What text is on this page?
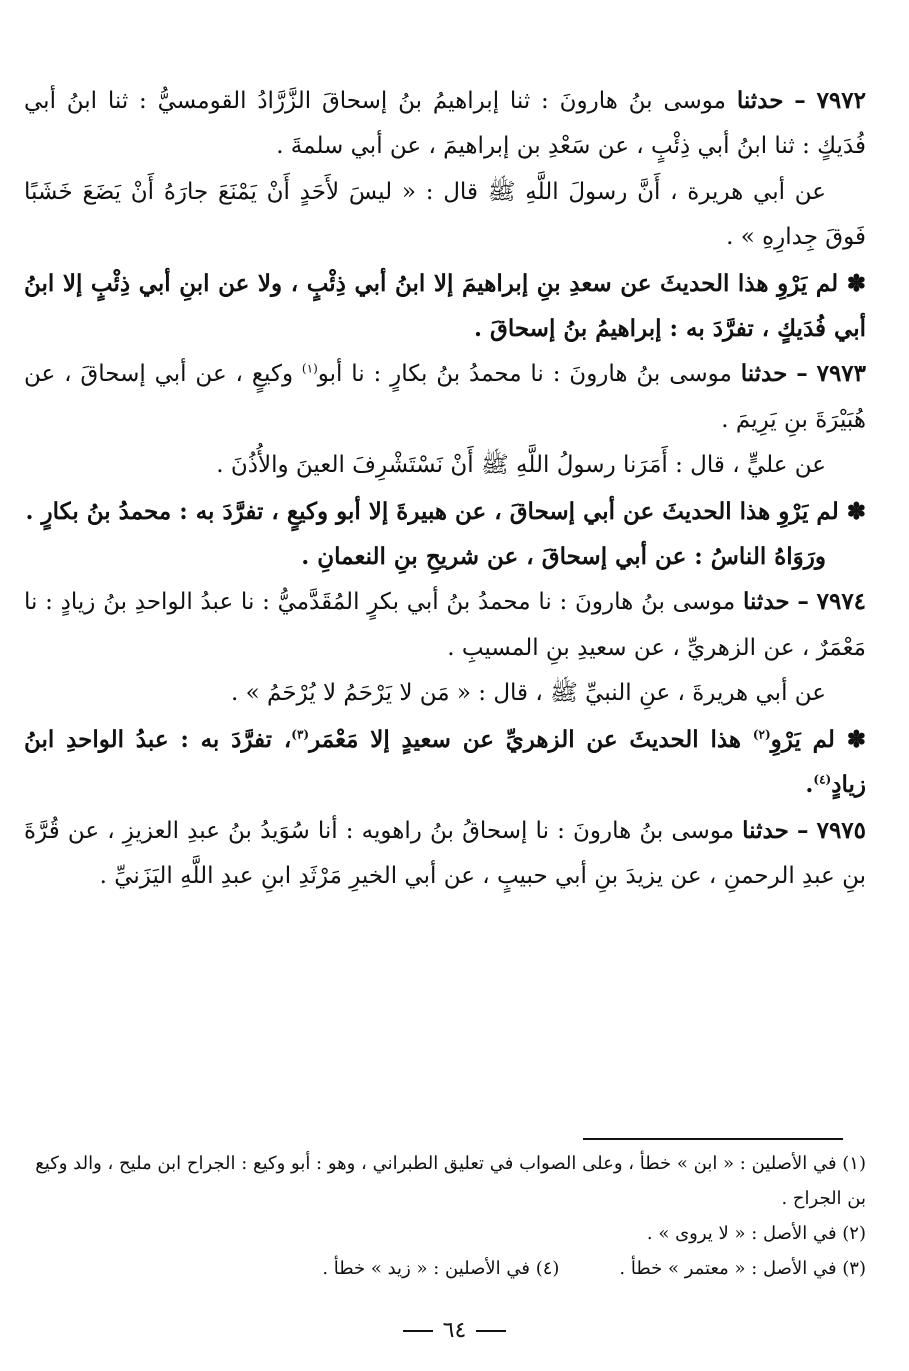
٧٩٧٢ – حدثنا موسى بنُ هارونَ : ثنا إبراهيمُ بنُ إسحاقَ الزَّرَّادُ القومسيُّ : ثنا ابنُ أبي فُدَيكٍ : ثنا ابنُ أبي ذِئْبٍ ، عن سَعْدِ بن إبراهيمَ ، عن أبي سلمةَ .

عن أبي هريرة ، أَنَّ رسولَ اللَّهِ ﷺ قال : « ليسَ لأَحَدٍ أَنْ يَمْنَعَ جارَهُ أَنْ يَضَعَ خَشَبًا فَوقَ جِدارِهِ » .

✽ لم يَرْوِ هذا الحديثَ عن سعدِ بنِ إبراهيمَ إلا ابنُ أبي ذِئْبٍ ، ولا عن ابنِ أبي ذِئْبٍ إلا ابنُ أبي فُدَيكٍ ، تفرَّدَ به : إبراهيمُ بنُ إسحاقَ .

٧٩٧٣ – حدثنا موسى بنُ هارونَ : نا محمدُ بنُ بكارٍ : نا أبو$^{(١)}$ وكيعٍ ، عن أبي إسحاقَ ، عن هُبَيْرَةَ بنِ يَرِيمَ .

عن عليٍّ ، قال : أَمَرَنا رسولُ اللَّهِ ﷺ أَنْ نَسْتَشْرِفَ العينَ والأُذُنَ .

✽ لم يَرْوِ هذا الحديثَ عن أبي إسحاقَ ، عن هبيرةَ إلا أبو وكيعٍ ، تفرَّدَ به : محمدُ بنُ بكارٍ .

ورَوَاهُ الناسُ : عن أبي إسحاقَ ، عن شريحِ بنِ النعمانِ .

٧٩٧٤ – حدثنا موسى بنُ هارونَ : نا محمدُ بنُ أبي بكرٍ المُقَدَّميُّ : نا عبدُ الواحدِ بنُ زيادٍ : نا مَعْمَرٌ ، عن الزهريِّ ، عن سعيدِ بنِ المسيبِ .

عن أبي هريرةَ ، عنِ النبيِّ ﷺ ، قال : « مَن لا يَرْحَمُ لا يُرْحَمُ » .

✽ لم يَرْوِ$^{(٢)}$ هذا الحديثَ عن الزهريِّ عن سعيدٍ إلا مَعْمَر$^{(٣)}$، تفرَّدَ به : عبدُ الواحدِ ابنُ زيادٍ$^{(٤)}$.

٧٩٧٥ – حدثنا موسى بنُ هارونَ : نا إسحاقُ بنُ راهويه : أنا سُوَيدُ بنُ عبدِ العزيزِ ، عن قُرَّةَ بنِ عبدِ الرحمنِ ، عن يزيدَ بنِ أبي حبيبٍ ، عن أبي الخيرِ مَرْثَدِ ابنِ عبدِ اللَّهِ اليَزَنيِّ .

(١) في الأصلين : « ابن » خطأ ، وعلى الصواب في تعليق الطبراني ، وهو : أبو وكيع : الجراح ابن مليح ، والد وكيع بن الجراح .

(٢) في الأصل : « لا يروى » .

(٣) في الأصل : « معتمر » خطأ .(٤) في الأصلين : « زيد » خطأ .

٦٤
